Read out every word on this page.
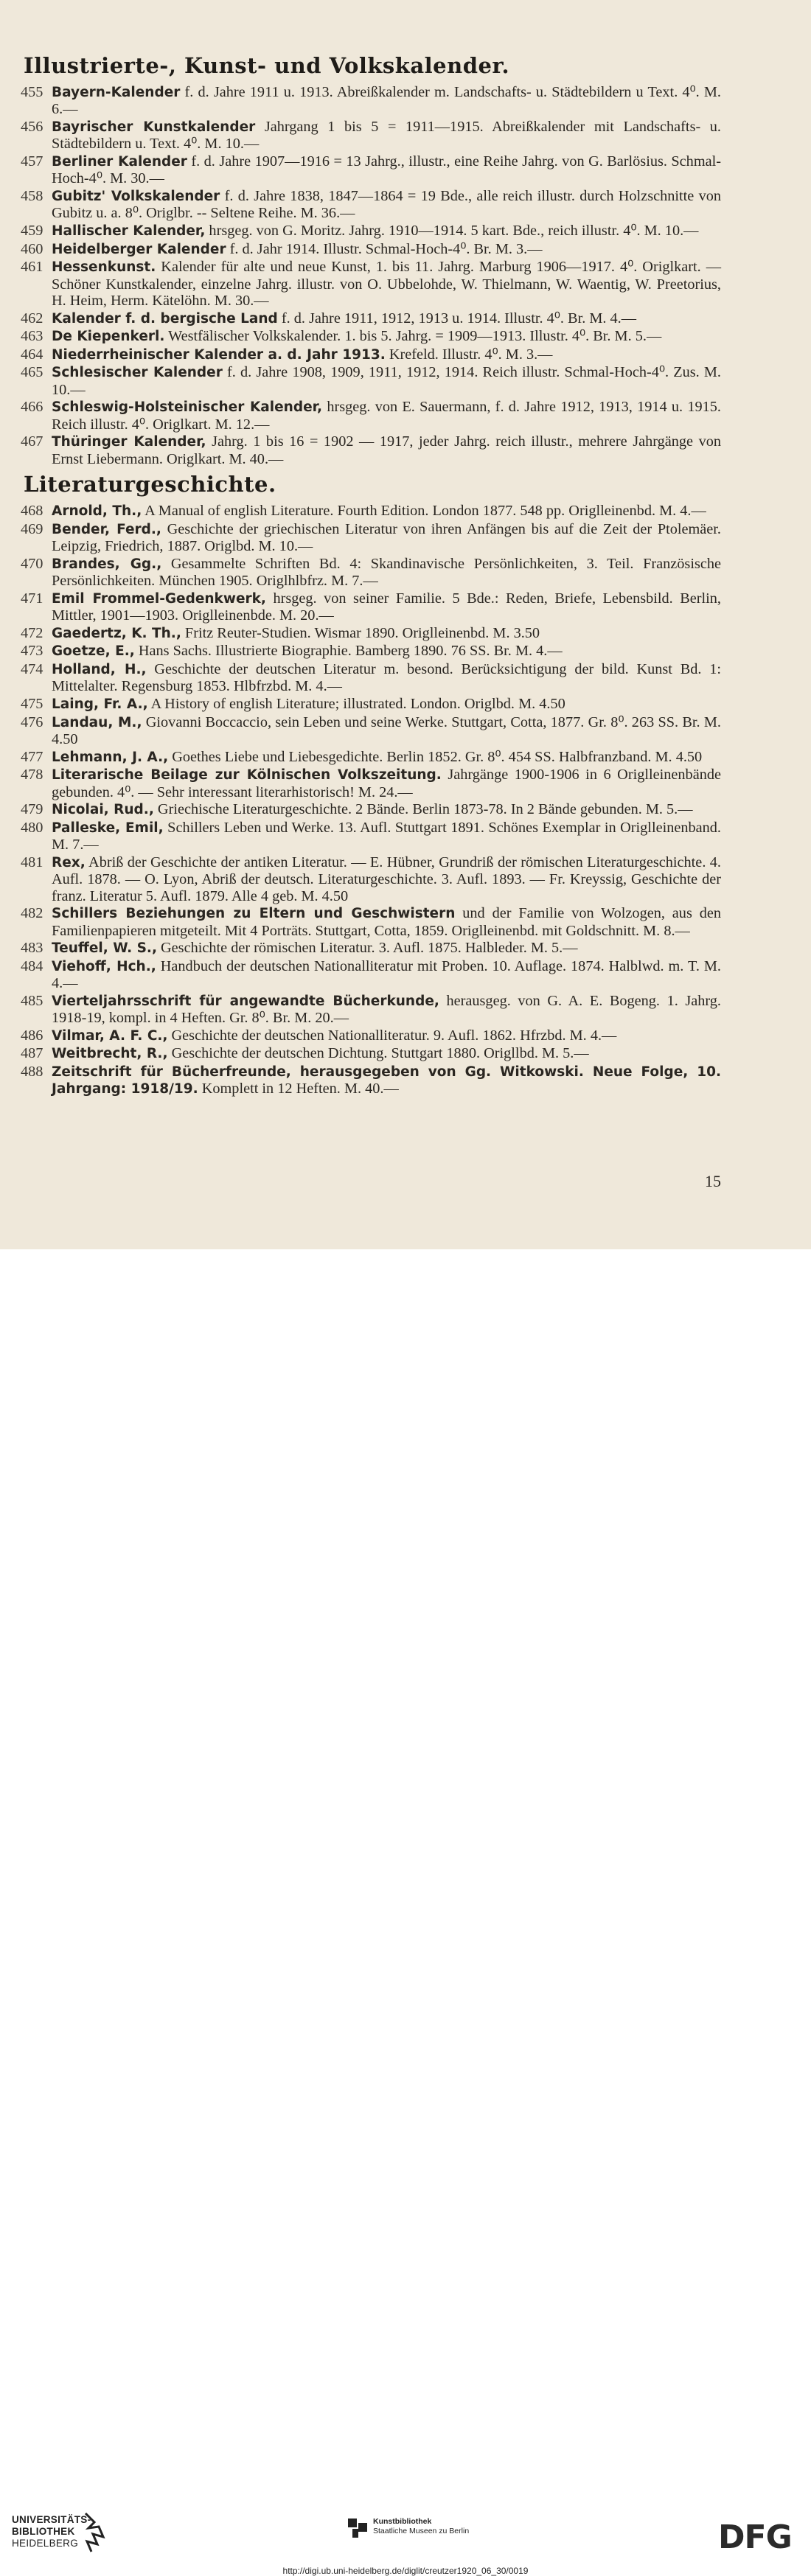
Illustrierte-, Kunst- und Volkskalender.
455 Bayern-Kalender f. d. Jahre 1911 u. 1913. Abreißkalender m. Landschafts- u. Städtebildern u Text. 4⁰. M. 6.—
456 Bayrischer Kunstkalender Jahrgang 1 bis 5 = 1911—1915. Abreißkalender mit Landschafts- u. Städtebildern u. Text. 4⁰. M. 10.—
457 Berliner Kalender f. d. Jahre 1907—1916 = 13 Jahrg., illustr., eine Reihe Jahrg. von G. Barlösius. Schmal-Hoch-4⁰. M. 30.—
458 Gubitz' Volkskalender f. d. Jahre 1838, 1847—1864 = 19 Bde., alle reich illustr. durch Holzschnitte von Gubitz u. a. 8⁰. Origlbr. -- Seltene Reihe. M. 36.—
459 Hallischer Kalender, hrsgeg. von G. Moritz. Jahrg. 1910—1914. 5 kart. Bde., reich illustr. 4⁰. M. 10.—
460 Heidelberger Kalender f. d. Jahr 1914. Illustr. Schmal-Hoch-4⁰. Br. M. 3.—
461 Hessenkunst. Kalender für alte und neue Kunst, 1. bis 11. Jahrg. Marburg 1906—1917. 4⁰. Origlkart. — Schöner Kunstkalender, einzelne Jahrg. illustr. von O. Ubbelohde, W. Thielmann, W. Waentig, W. Preetorius, H. Heim, Herm. Kätelöhn. M. 30.—
462 Kalender f. d. bergische Land f. d. Jahre 1911, 1912, 1913 u. 1914. Illustr. 4⁰. Br. M. 4.—
463 De Kiepenkerl. Westfälischer Volkskalender. 1. bis 5. Jahrg. = 1909—1913. Illustr. 4⁰. Br. M. 5.—
464 Niederrheinischer Kalender a. d. Jahr 1913. Krefeld. Illustr. 4⁰. M. 3.—
465 Schlesischer Kalender f. d. Jahre 1908, 1909, 1911, 1912, 1914. Reich illustr. Schmal-Hoch-4⁰. Zus. M. 10.—
466 Schleswig-Holsteinischer Kalender, hrsgeg. von E. Sauermann, f. d. Jahre 1912, 1913, 1914 u. 1915. Reich illustr. 4⁰. Origlkart. M. 12.—
467 Thüringer Kalender, Jahrg. 1 bis 16 = 1902 — 1917, jeder Jahrg. reich illustr., mehrere Jahrgänge von Ernst Liebermann. Origlkart. M. 40.—
Literaturgeschichte.
468 Arnold, Th., A Manual of english Literature. Fourth Edition. London 1877. 548 pp. Origlleinenbd. M. 4.—
469 Bender, Ferd., Geschichte der griechischen Literatur von ihren Anfängen bis auf die Zeit der Ptolemäer. Leipzig, Friedrich, 1887. Origlbd. M. 10.—
470 Brandes, Gg., Gesammelte Schriften Bd. 4: Skandinavische Persönlichkeiten, 3. Teil. Französische Persönlichkeiten. München 1905. Origlhlbfrz. M. 7.—
471 Emil Frommel-Gedenkwerk, hrsgeg. von seiner Familie. 5 Bde.: Reden, Briefe, Lebensbild. Berlin, Mittler, 1901—1903. Origlleinenbde. M. 20.—
472 Gaedertz, K. Th., Fritz Reuter-Studien. Wismar 1890. Origlleinenbd. M. 3.50
473 Goetze, E., Hans Sachs. Illustrierte Biographie. Bamberg 1890. 76 SS. Br. M. 4.—
474 Holland, H., Geschichte der deutschen Literatur m. besond. Berücksichtigung der bild. Kunst Bd. 1: Mittelalter. Regensburg 1853. Hlbfrzbd. M. 4.—
475 Laing, Fr. A., A History of english Literature; illustrated. London. Origlbd. M. 4.50
476 Landau, M., Giovanni Boccaccio, sein Leben und seine Werke. Stuttgart, Cotta, 1877. Gr. 8⁰. 263 SS. Br. M. 4.50
477 Lehmann, J. A., Goethes Liebe und Liebesgedichte. Berlin 1852. Gr. 8⁰. 454 SS. Halbfranzband. M. 4.50
478 Literarische Beilage zur Kölnischen Volkszeitung. Jahrgänge 1900-1906 in 6 Origlleinenbände gebunden. 4⁰. — Sehr interessant literarhistorisch! M. 24.—
479 Nicolai, Rud., Griechische Literaturgeschichte. 2 Bände. Berlin 1873-78. In 2 Bände gebunden. M. 5.—
480 Palleske, Emil, Schillers Leben und Werke. 13. Aufl. Stuttgart 1891. Schönes Exemplar in Origlleinenband. M. 7.—
481 Rex, Abriß der Geschichte der antiken Literatur. — E. Hübner, Grundriß der römischen Literaturgeschichte. 4. Aufl. 1878. — O. Lyon, Abriß der deutsch. Literaturgeschichte. 3. Aufl. 1893. — Fr. Kreyssig, Geschichte der franz. Literatur 5. Aufl. 1879. Alle 4 geb. M. 4.50
482 Schillers Beziehungen zu Eltern und Geschwistern und der Familie von Wolzogen, aus den Familienpapieren mitgeteilt. Mit 4 Porträts. Stuttgart, Cotta, 1859. Origlleinenbd. mit Goldschnitt. M. 8.—
483 Teuffel, W. S., Geschichte der römischen Literatur. 3. Aufl. 1875. Halbleder. M. 5.—
484 Viehoff, Hch., Handbuch der deutschen Nationalliteratur mit Proben. 10. Auflage. 1874. Halblwd. m. T. M. 4.—
485 Vierteljahrsschrift für angewandte Bücherkunde, herausgeg. von G. A. E. Bogeng. 1. Jahrg. 1918-19, kompl. in 4 Heften. Gr. 8⁰. Br. M. 20.—
486 Vilmar, A. F. C., Geschichte der deutschen Nationalliteratur. 9. Aufl. 1862. Hfrzbd. M. 4.—
487 Weitbrecht, R., Geschichte der deutschen Dichtung. Stuttgart 1880. Origllbd. M. 5.—
488 Zeitschrift für Bücherfreunde, herausgegeben von Gg. Witkowski. Neue Folge, 10. Jahrgang: 1918/19. Komplett in 12 Heften. M. 40.—
15
UNIVERSITÄTS-
BIBLIOTHEK
HEIDELBERG
Kunstbibliothek
Staatliche Museen zu Berlin	DFG
http://digi.ub.uni-heidelberg.de/diglit/creutzer1920_06_30/0019
